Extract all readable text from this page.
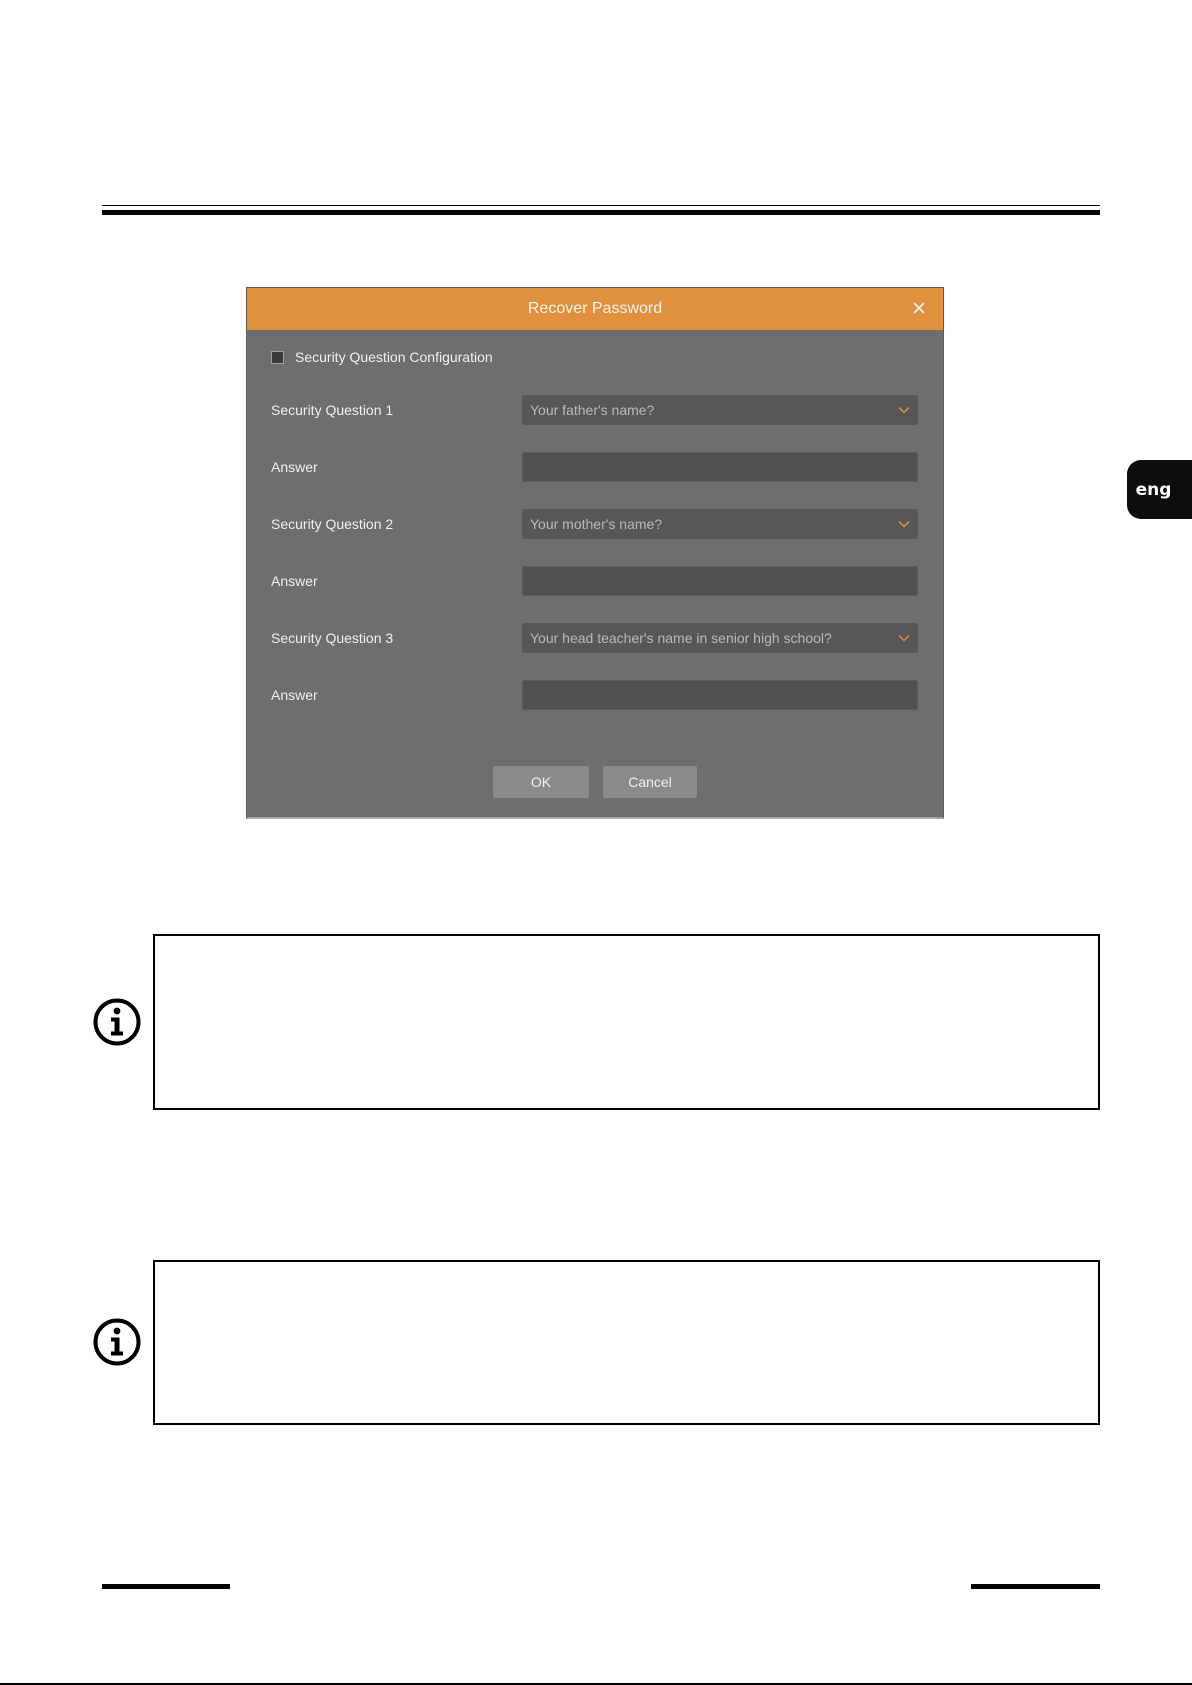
eng
Recover Password
Security Question Configuration
Security Question 1	Your father's name?
Answer
Security Question 2	Your mother's name?
Answer
Security Question 3	Your head teacher's name in senior high school?
Answer
OK	Cancel
